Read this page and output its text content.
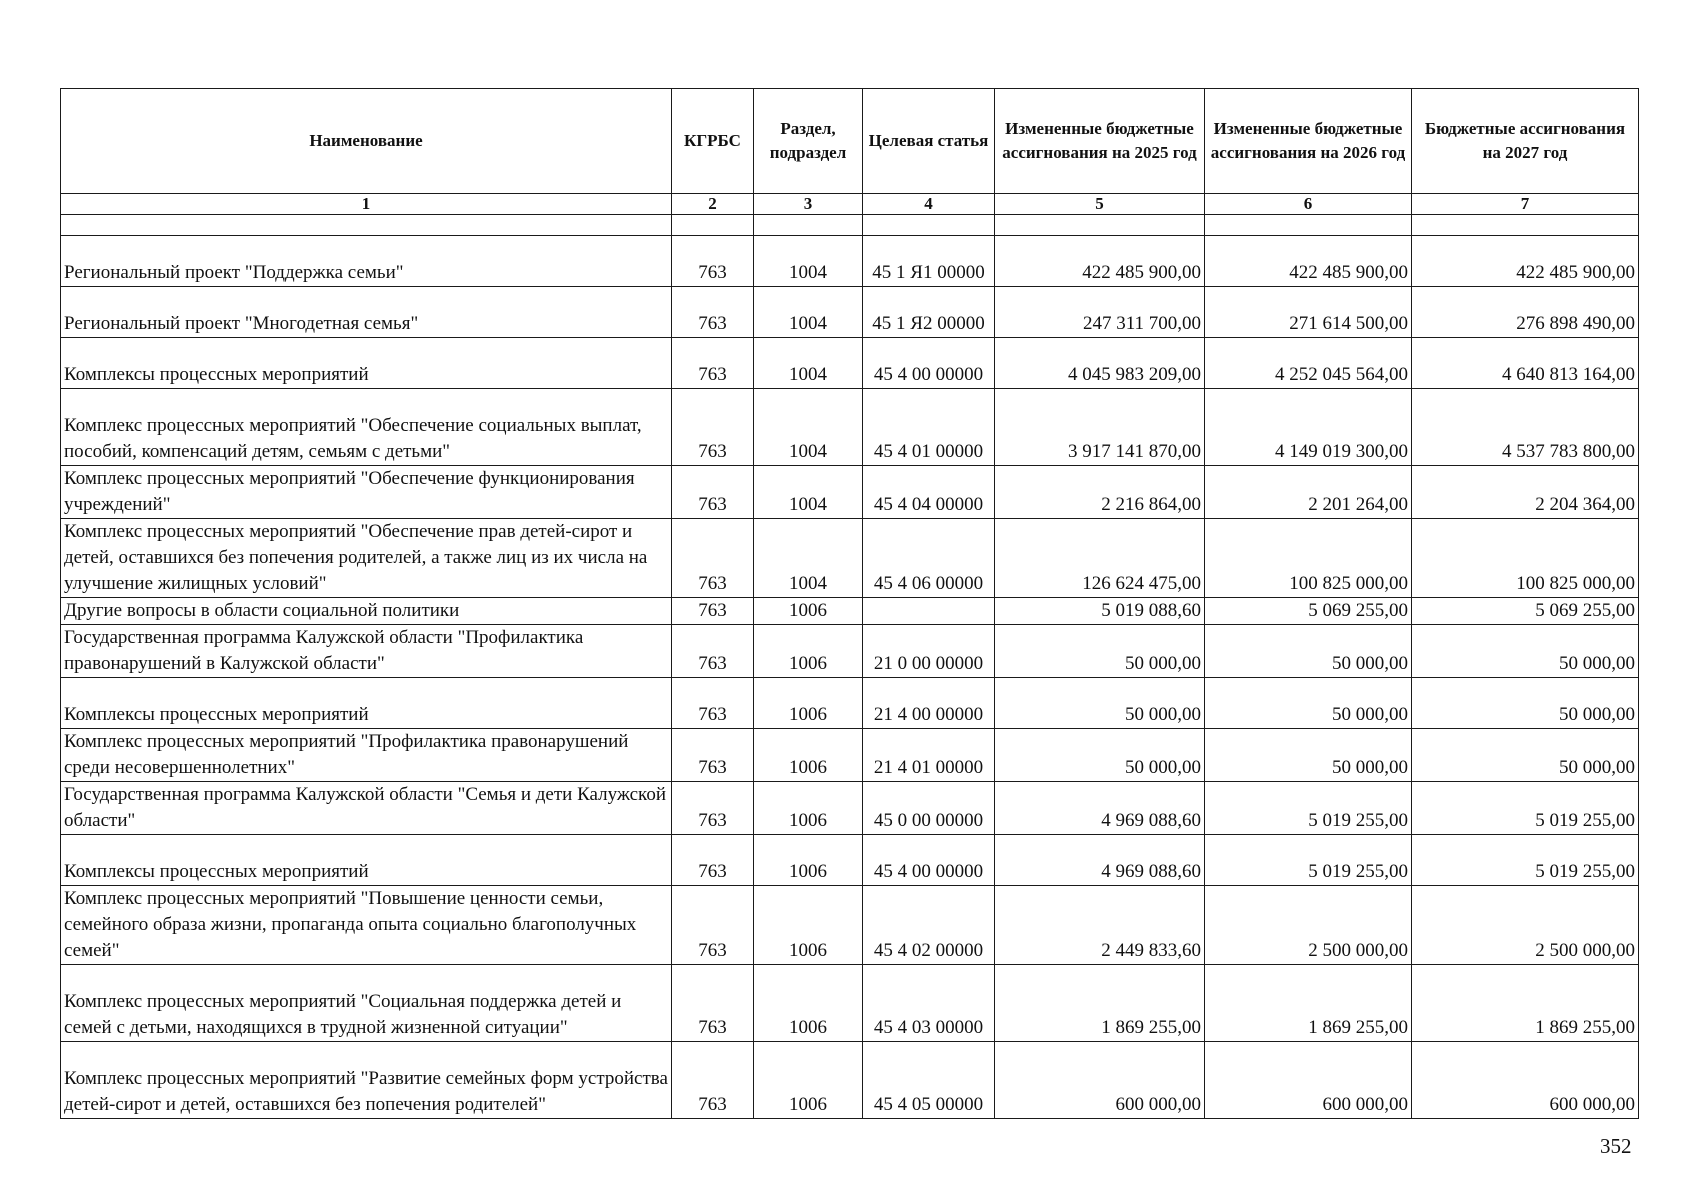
Наименование	КГРБС	Раздел, подраздел	Целевая статья	Измененные бюджетные ассигнования на 2025 год	Измененные бюджетные ассигнования на 2026 год	Бюджетные ассигнования на 2027 год
1	2	3	4	5	6	7

Региональный проект "Поддержка семьи"	763	1004	45 1 Я1 00000	422 485 900,00	422 485 900,00	422 485 900,00
Региональный проект "Многодетная семья"	763	1004	45 1 Я2 00000	247 311 700,00	271 614 500,00	276 898 490,00
Комплексы процессных мероприятий	763	1004	45 4 00 00000	4 045 983 209,00	4 252 045 564,00	4 640 813 164,00
Комплекс процессных мероприятий "Обеспечение социальных выплат, пособий, компенсаций детям, семьям с детьми"	763	1004	45 4 01 00000	3 917 141 870,00	4 149 019 300,00	4 537 783 800,00
Комплекс процессных мероприятий "Обеспечение функционирования учреждений"	763	1004	45 4 04 00000	2 216 864,00	2 201 264,00	2 204 364,00
Комплекс процессных мероприятий "Обеспечение прав детей-сирот и детей, оставшихся без попечения родителей, а также лиц из их числа на улучшение жилищных условий"	763	1004	45 4 06 00000	126 624 475,00	100 825 000,00	100 825 000,00
Другие вопросы в области социальной политики	763	1006		5 019 088,60	5 069 255,00	5 069 255,00
Государственная программа Калужской области "Профилактика правонарушений в Калужской области"	763	1006	21 0 00 00000	50 000,00	50 000,00	50 000,00
Комплексы процессных мероприятий	763	1006	21 4 00 00000	50 000,00	50 000,00	50 000,00
Комплекс процессных мероприятий "Профилактика правонарушений среди несовершеннолетних"	763	1006	21 4 01 00000	50 000,00	50 000,00	50 000,00
Государственная программа Калужской области "Семья и дети Калужской области"	763	1006	45 0 00 00000	4 969 088,60	5 019 255,00	5 019 255,00
Комплексы процессных мероприятий	763	1006	45 4 00 00000	4 969 088,60	5 019 255,00	5 019 255,00
Комплекс процессных мероприятий "Повышение ценности семьи, семейного образа жизни, пропаганда опыта социально благополучных семей"	763	1006	45 4 02 00000	2 449 833,60	2 500 000,00	2 500 000,00
Комплекс процессных мероприятий "Социальная поддержка детей и семей с детьми, находящихся в трудной жизненной ситуации"	763	1006	45 4 03 00000	1 869 255,00	1 869 255,00	1 869 255,00
Комплекс процессных мероприятий "Развитие семейных форм устройства детей-сирот и детей, оставшихся без попечения родителей"	763	1006	45 4 05 00000	600 000,00	600 000,00	600 000,00
352
